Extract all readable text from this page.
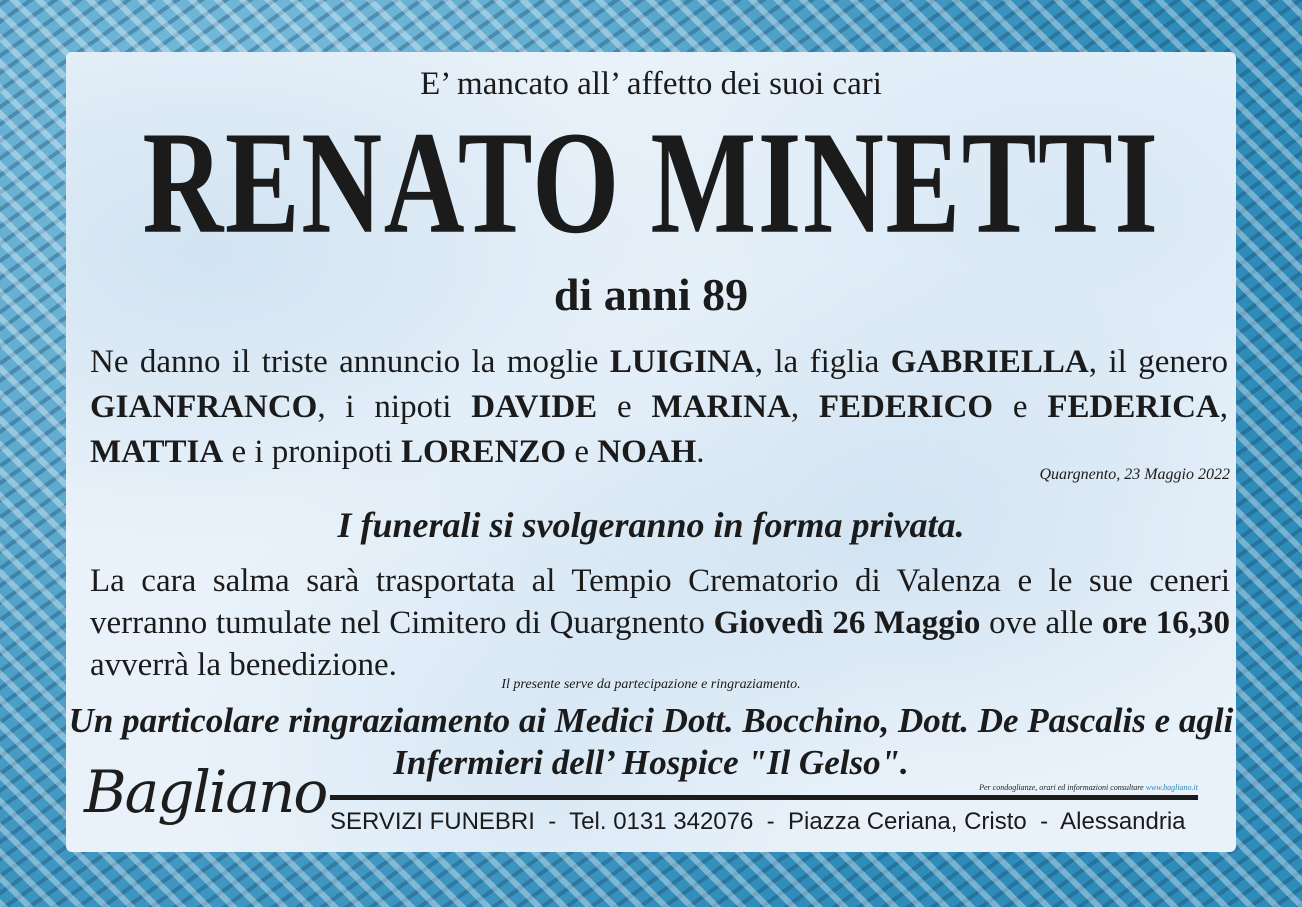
E’ mancato all’ affetto dei suoi cari
RENATO MINETTI
di anni 89
Ne danno il triste annuncio la moglie LUIGINA, la figlia GABRIELLA, il genero GIANFRANCO, i nipoti DAVIDE e MARINA, FEDERICO e FEDERICA, MATTIA e i pronipoti LORENZO e NOAH.
Quargnento, 23 Maggio 2022
I funerali si svolgeranno in forma privata.
La cara salma sarà trasportata al Tempio Crematorio di Valenza e le sue ceneri verranno tumulate nel Cimitero di Quargnento Giovedì 26 Maggio ove alle ore 16,30 avverrà la benedizione.
Il presente serve da partecipazione e ringraziamento.
Un particolare ringraziamento ai Medici Dott. Bocchino, Dott. De Pascalis e agli Infermieri dell’ Hospice "Il Gelso".
Bagliano	Per condoglianze, orari ed informazioni consultare www.bagliano.it
SERVIZI FUNEBRI - Tel. 0131 342076 - Piazza Ceriana, Cristo - Alessandria
